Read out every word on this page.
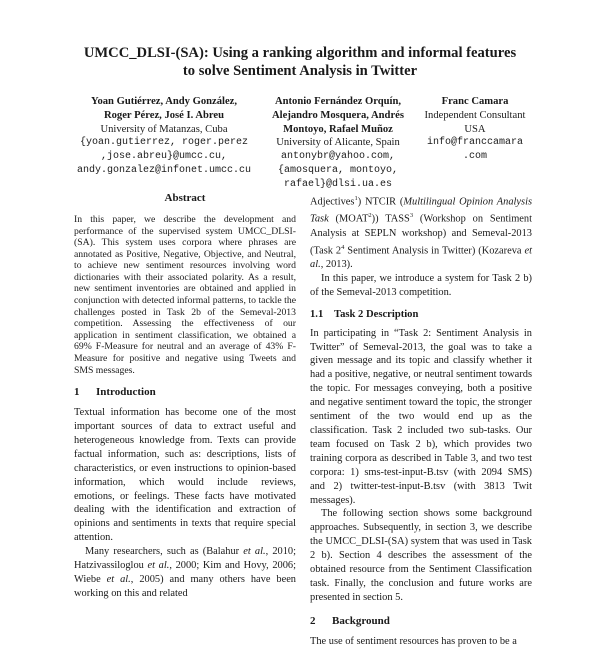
UMCC_DLSI-(SA): Using a ranking algorithm and informal features
to solve Sentiment Analysis in Twitter
Yoan Gutiérrez, Andy González,
Roger Pérez, José I. Abreu
University of Matanzas, Cuba
{yoan.gutierrez, roger.perez
,jose.abreu}@umcc.cu,
andy.gonzalez@infonet.umcc.cu
Antonio Fernández Orquín,
Alejandro Mosquera, Andrés
Montoyo, Rafael Muñoz
University of Alicante, Spain
antonybr@yahoo.com,
{amosquera, montoyo,
rafael}@dlsi.ua.es
Franc Camara
Independent Consultant
USA
info@franccamara
.com
Abstract

In this paper, we describe the development and performance of the supervised system UMCC_DLSI-(SA). This system uses corpora where phrases are annotated as Positive, Negative, Objective, and Neutral, to achieve new sentiment resources involving word dictionaries with their associated polarity. As a result, new sentiment inventories are obtained and applied in conjunction with detected informal patterns, to tackle the challenges posted in Task 2b of the Semeval-2013 competition. Assessing the effectiveness of our application in sentiment classification, we obtained a 69% F-Measure for neutral and an average of 43% F-Measure for positive and negative using Tweets and SMS messages.

1 Introduction

Textual information has become one of the most important sources of data to extract useful and heterogeneous knowledge from. Texts can provide factual information, such as: descriptions, lists of characteristics, or even instructions to opinion-based information, which would include reviews, emotions, or feelings. These facts have motivated dealing with the identification and extraction of opinions and sentiments in texts that require special attention.

Many researchers, such as (Balahur et al., 2010; Hatzivassiloglou et al., 2000; Kim and Hovy, 2006; Wiebe et al., 2005) and many others have been working on this and related

Adjectives$^1$) NTCIR (Multilingual Opinion Analysis Task (MOAT$^2$)) TASS$^3$ (Workshop on Sentiment Analysis at SEPLN workshop) and Semeval-2013 (Task $2^4$ Sentiment Analysis in Twitter) (Kozareva et al., 2013).

In this paper, we introduce a system for Task 2 b) of the Semeval-2013 competition.

1.1 Task 2 Description

In participating in “Task 2: Sentiment Analysis in Twitter” of Semeval-2013, the goal was to take a given message and its topic and classify whether it had a positive, negative, or neutral sentiment towards the topic. For messages conveying, both a positive and negative sentiment toward the topic, the stronger sentiment of the two would end up as the classification. Task 2 included two sub-tasks. Our team focused on Task 2 b), which provides two training corpora as described in Table 3, and two test corpora: 1) sms-test-input-B.tsv (with 2094 SMS) and 2) twitter-test-input-B.tsv (with 3813 Twit messages).

The following section shows some background approaches. Subsequently, in section 3, we describe the UMCC_DLSI-(SA) system that was used in Task 2 b). Section 4 describes the assessment of the obtained resource from the Sentiment Classification task. Finally, the conclusion and future works are presented in section 5.

2 Background

The use of sentiment resources has proven to be a
